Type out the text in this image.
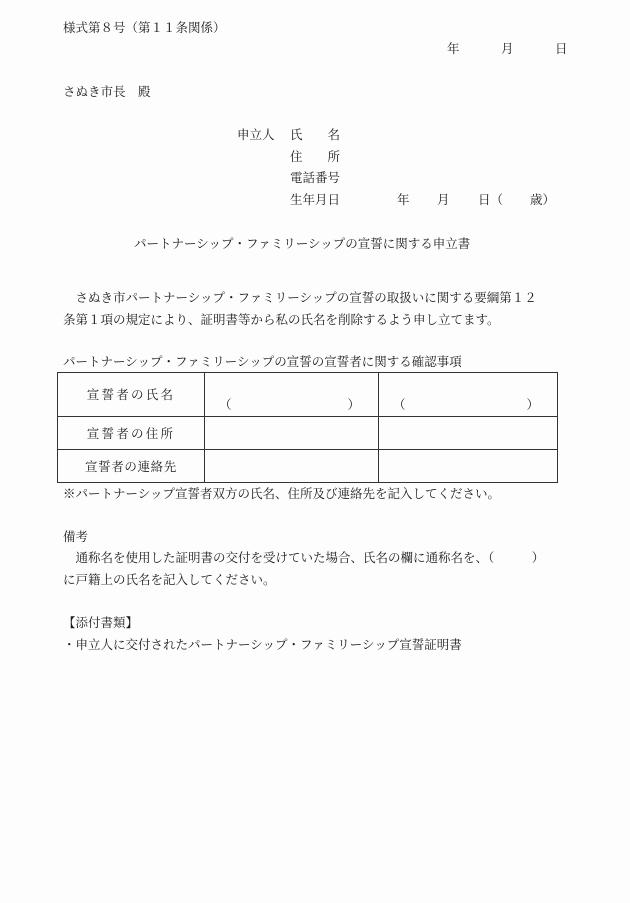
様式第８号（第１１条関係）
年	月	日
さぬき市長　殿
申立人 氏　　名
住　　所
電話番号
生年月日	年 月 日（ 歳）
パートナーシップ・ファミリーシップの宣誓に関する申立書
　さぬき市パートナーシップ・ファミリーシップの宣誓の取扱いに関する要綱第１２
条第１項の規定により、証明書等から私の氏名を削除するよう申し立てます。
パートナーシップ・ファミリーシップの宣誓の宣誓者に関する確認事項
宣誓者の氏名	（ ）	（ ）

宣誓者の住所		
宣誓者の連絡先		
※パートナーシップ宣誓者双方の氏名、住所及び連絡先を記入してください。
備考
　通称名を使用した証明書の交付を受けていた場合、氏名の欄に通称名を、（　　　）
に戸籍上の氏名を記入してください。
【添付書類】
・申立人に交付されたパートナーシップ・ファミリーシップ宣誓証明書
